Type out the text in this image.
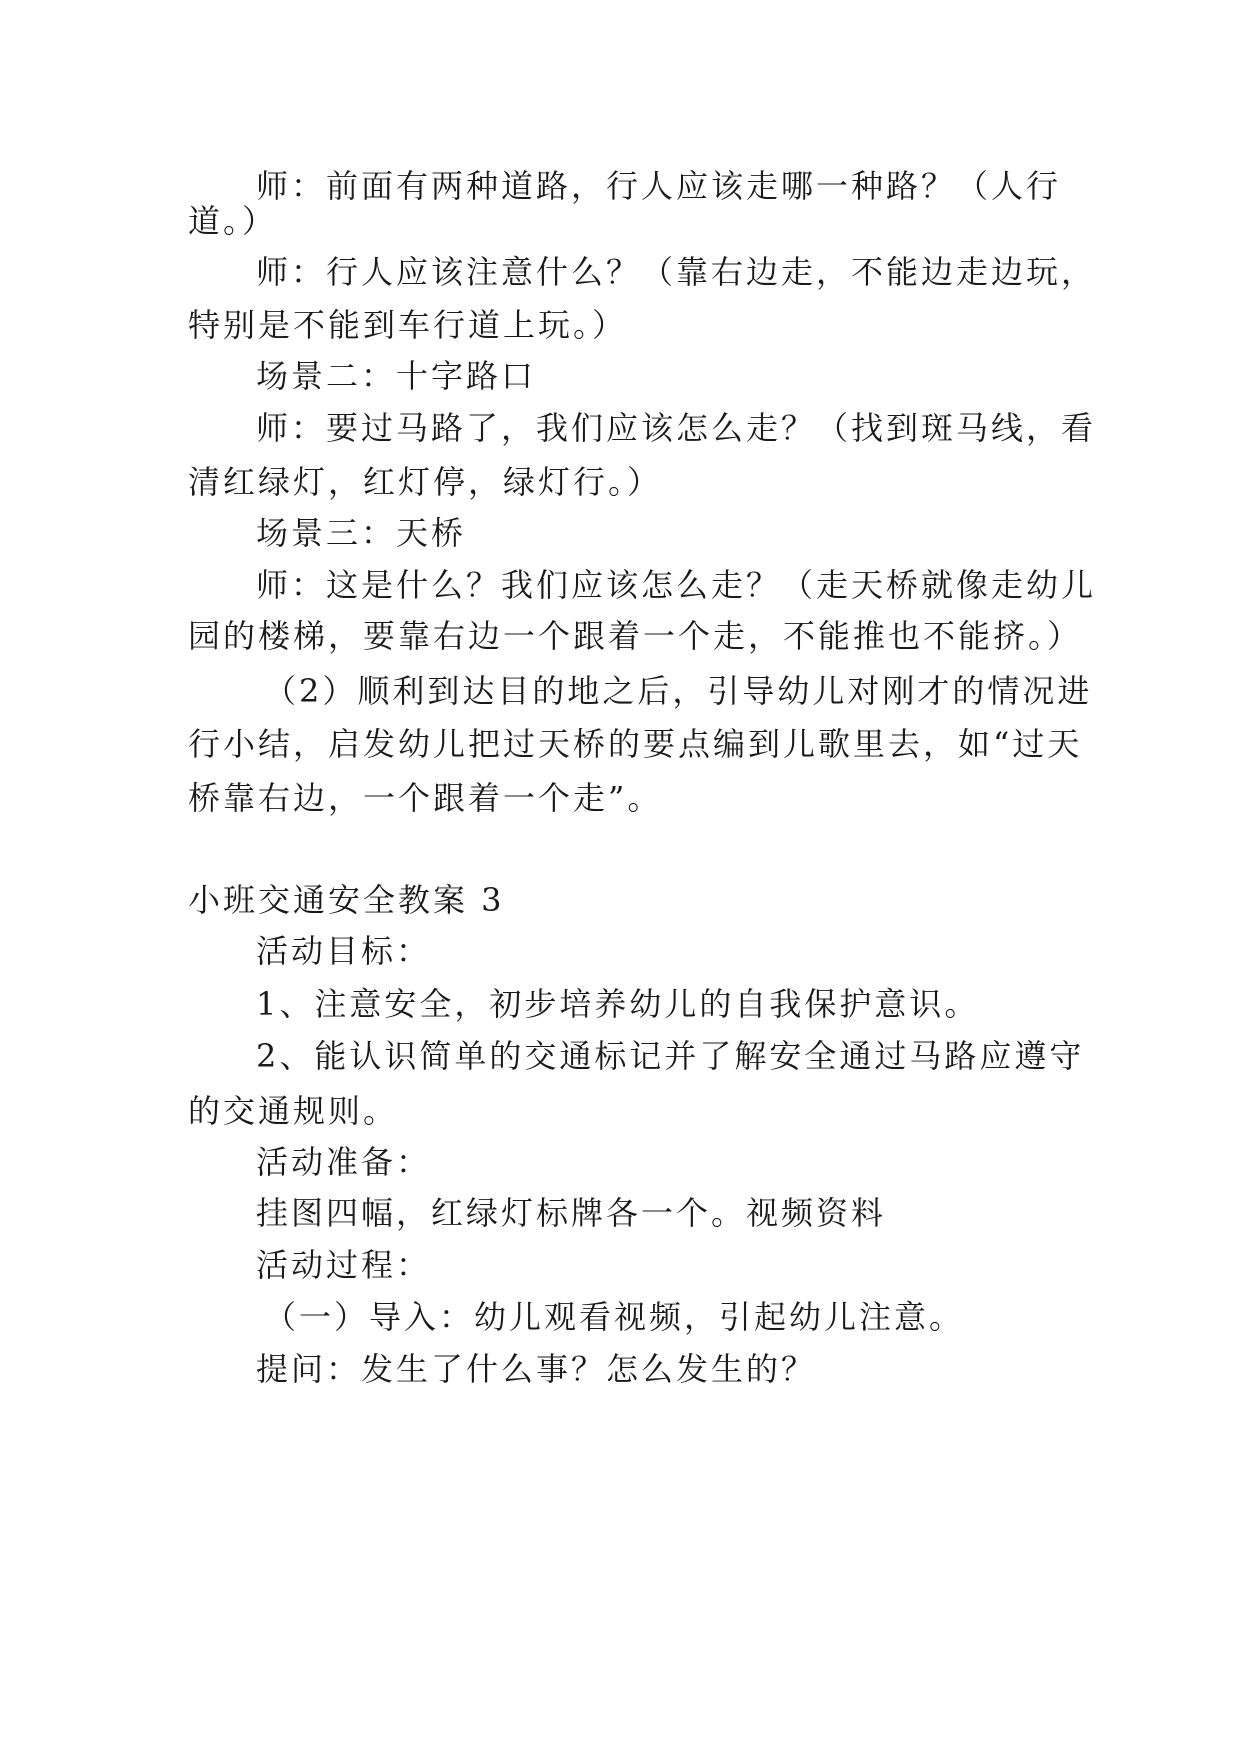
师：前面有两种道路，行人应该走哪一种路？（人行
道。）
师：行人应该注意什么？（靠右边走，不能边走边玩，
特别是不能到车行道上玩。）
场景二：十字路口
师：要过马路了，我们应该怎么走？（找到斑马线，看
清红绿灯，红灯停，绿灯行。）
场景三：天桥
师：这是什么？我们应该怎么走？（走天桥就像走幼儿
园的楼梯，要靠右边一个跟着一个走，不能推也不能挤。）
（2）顺利到达目的地之后，引导幼儿对刚才的情况进
行小结，启发幼儿把过天桥的要点编到儿歌里去，如“过天
桥靠右边，一个跟着一个走”。
小班交通安全教案 3
活动目标：
1、注意安全，初步培养幼儿的自我保护意识。
2、能认识简单的交通标记并了解安全通过马路应遵守
的交通规则。
活动准备：
挂图四幅，红绿灯标牌各一个。视频资料
活动过程：
（一）导入：幼儿观看视频，引起幼儿注意。
提问：发生了什么事？怎么发生的？
